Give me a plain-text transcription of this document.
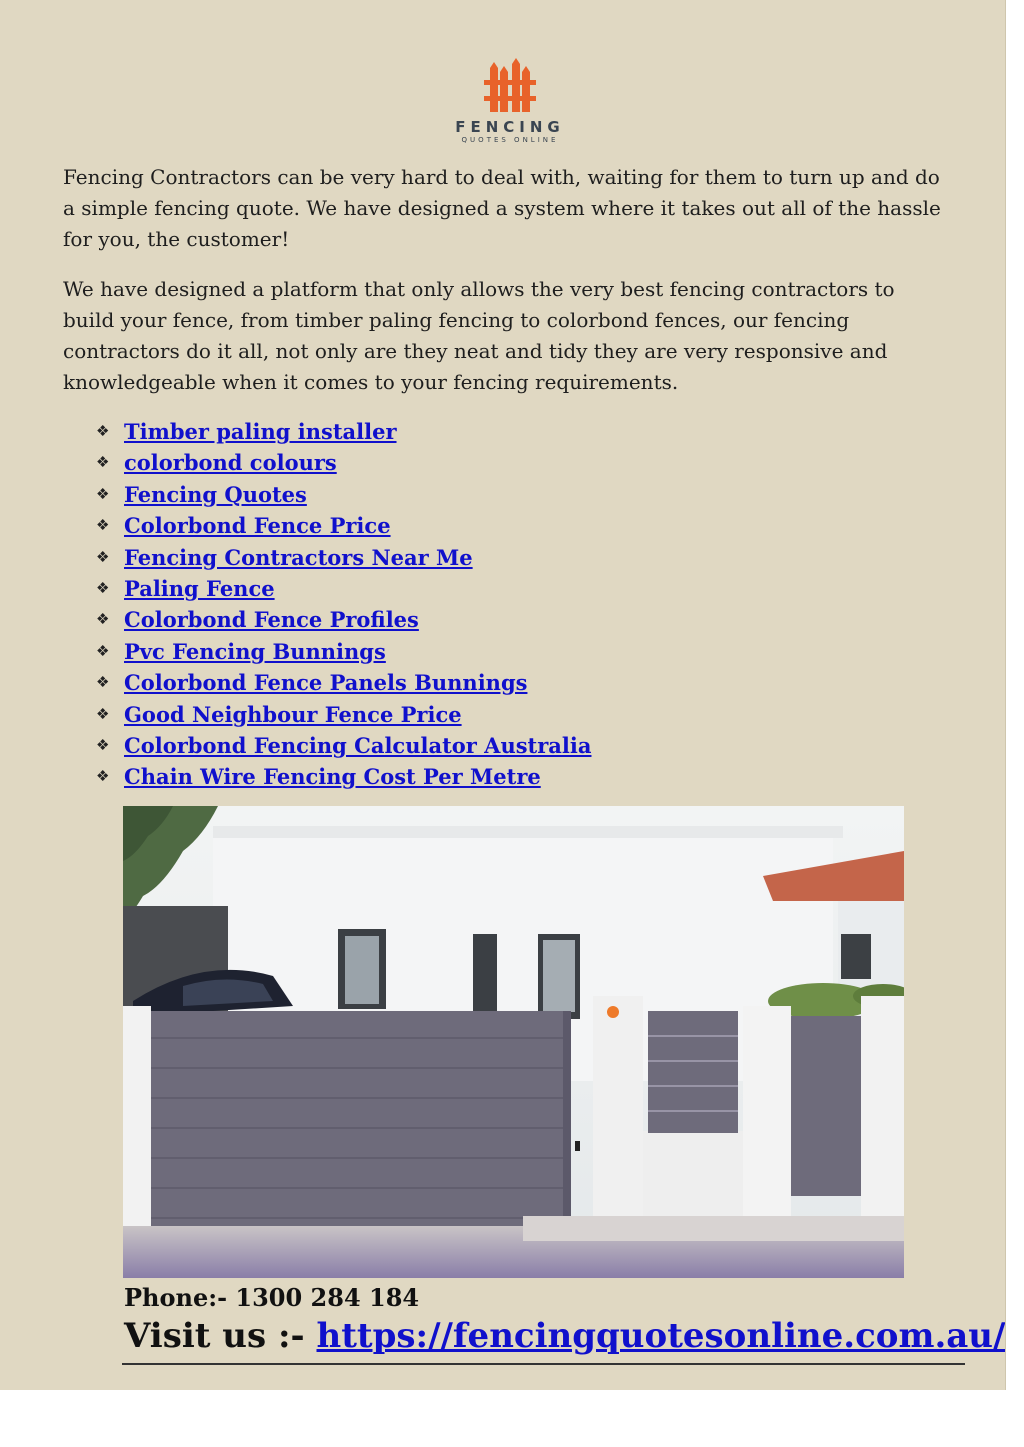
FENCING
QUOTES ONLINE

Fencing Contractors can be very hard to deal with, waiting for them to turn up and do a simple fencing quote. We have designed a system where it takes out all of the hassle for you, the customer!

We have designed a platform that only allows the very best fencing contractors to build your fence, from timber paling fencing to colorbond fences, our fencing contractors do it all, not only are they neat and tidy they are very responsive and knowledgeable when it comes to your fencing requirements.

❖ Timber paling installer
❖ colorbond colours
❖ Fencing Quotes
❖ Colorbond Fence Price
❖ Fencing Contractors Near Me
❖ Paling Fence
❖ Colorbond Fence Profiles
❖ Pvc Fencing Bunnings
❖ Colorbond Fence Panels Bunnings
❖ Good Neighbour Fence Price
❖ Colorbond Fencing Calculator Australia
❖ Chain Wire Fencing Cost Per Metre
Phone:- 1300 284 184
Visit us :- https://fencingquotesonline.com.au/
